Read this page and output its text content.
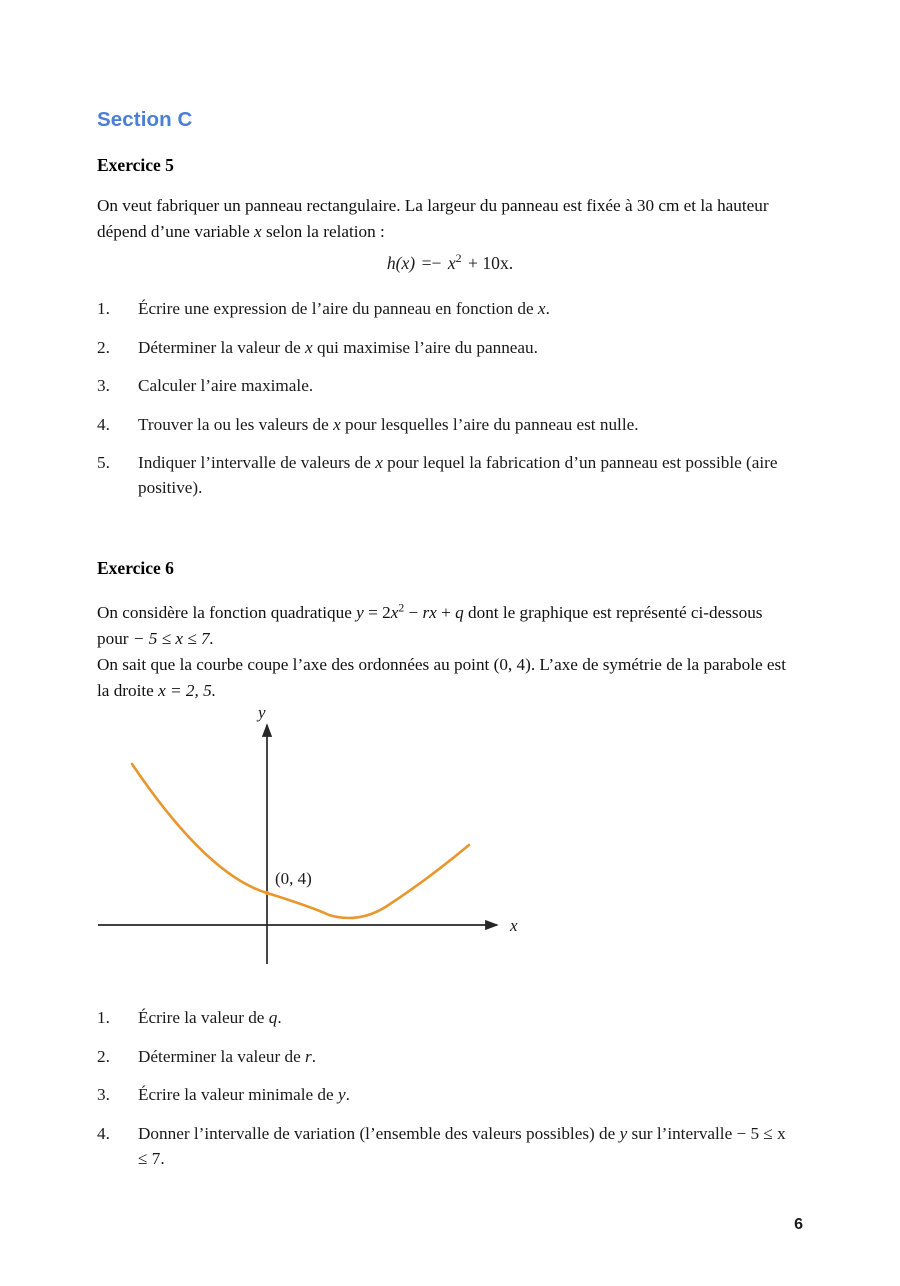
Section C
Exercice 5
On veut fabriquer un panneau rectangulaire. La largeur du panneau est fixée à 30 cm et la hauteur dépend d’une variable x selon la relation :
$h(x) =- x^2 + 10x$.
1.	Écrire une expression de l’aire du panneau en fonction de x.
2.	Déterminer la valeur de x qui maximise l’aire du panneau.
3.	Calculer l’aire maximale.
4.	Trouver la ou les valeurs de x pour lesquelles l’aire du panneau est nulle.
5.	Indiquer l’intervalle de valeurs de x pour lequel la fabrication d’un panneau est possible (aire positive).
Exercice 6
On considère la fonction quadratique $y = 2x^2$ − rx + q dont le graphique est représenté ci-dessous pour − 5 ≤ x ≤ 7.
On sait que la courbe coupe l’axe des ordonnées au point (0, 4). L’axe de symétrie de la parabole est la droite x = 2, 5.
y
x
(0, 4)
1.	Écrire la valeur de q.
2.	Déterminer la valeur de r.
3.	Écrire la valeur minimale de y.
4.	Donner l’intervalle de variation (l’ensemble des valeurs possibles) de y sur l’intervalle − 5 ≤ x ≤ 7.
6
